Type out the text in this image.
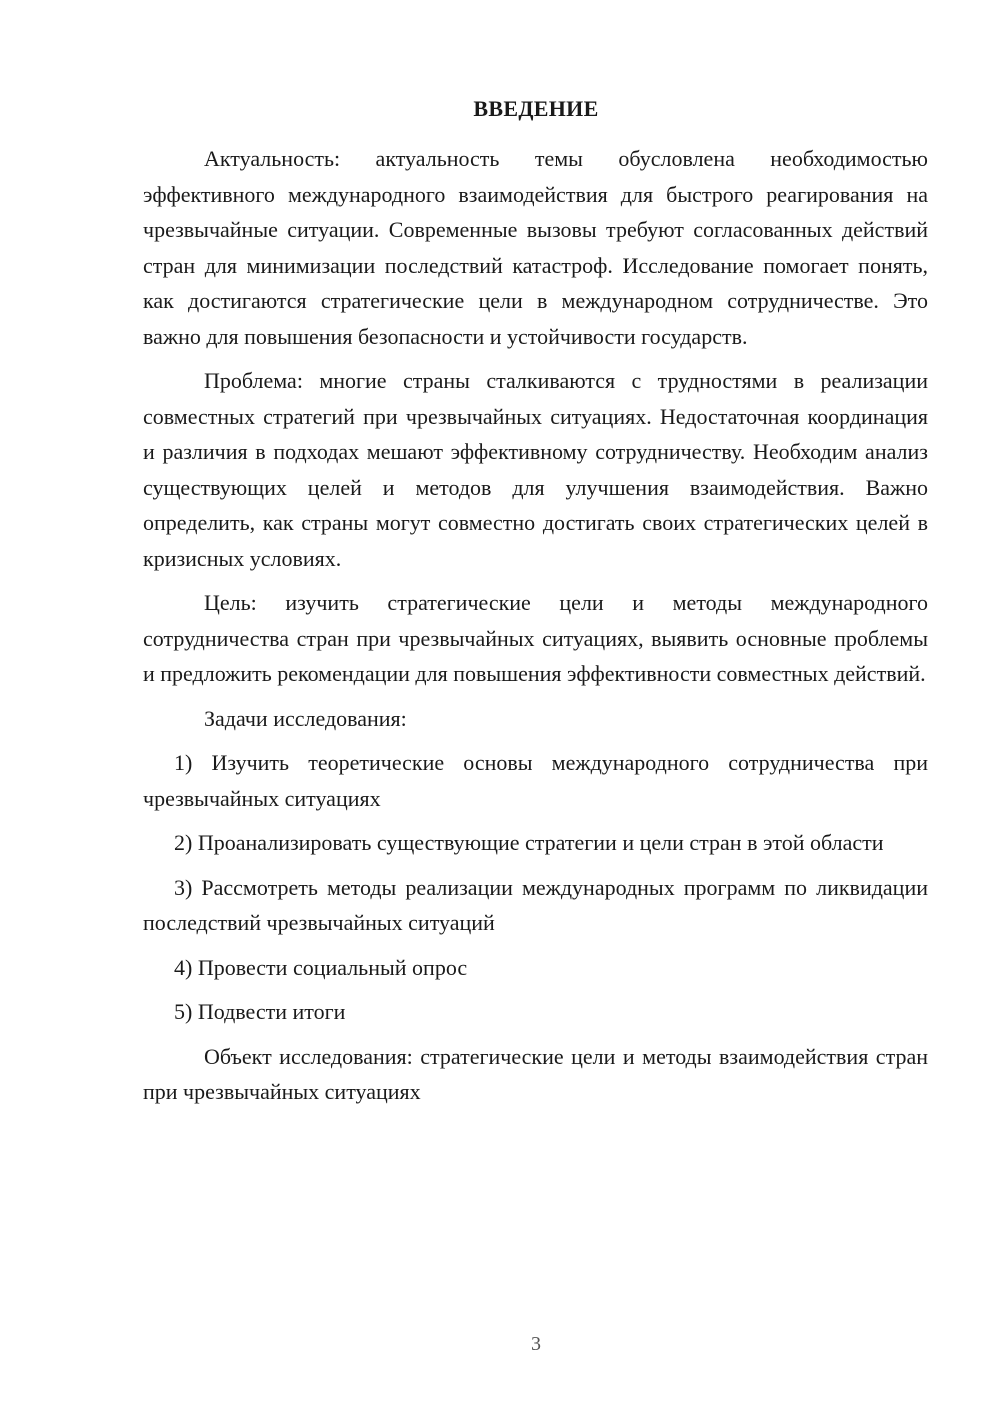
ВВЕДЕНИЕ

Актуальность: актуальность темы обусловлена необходимостью эффективного международного взаимодействия для быстрого реагирования на чрезвычайные ситуации. Современные вызовы требуют согласованных действий стран для минимизации последствий катастроф. Исследование помогает понять, как достигаются стратегические цели в международном сотрудничестве. Это важно для повышения безопасности и устойчивости государств.

Проблема: многие страны сталкиваются с трудностями в реализации совместных стратегий при чрезвычайных ситуациях. Недостаточная координация и различия в подходах мешают эффективному сотрудничеству. Необходим анализ существующих целей и методов для улучшения взаимодействия. Важно определить, как страны могут совместно достигать своих стратегических целей в кризисных условиях.

Цель: изучить стратегические цели и методы международного сотрудничества стран при чрезвычайных ситуациях, выявить основные проблемы и предложить рекомендации для повышения эффективности совместных действий.

Задачи исследования:

1) Изучить теоретические основы международного сотрудничества при чрезвычайных ситуациях

2) Проанализировать существующие стратегии и цели стран в этой области

3) Рассмотреть методы реализации международных программ по ликвидации последствий чрезвычайных ситуаций

4) Провести социальный опрос

5) Подвести итоги

Объект исследования: стратегические цели и методы взаимодействия стран при чрезвычайных ситуациях

3
